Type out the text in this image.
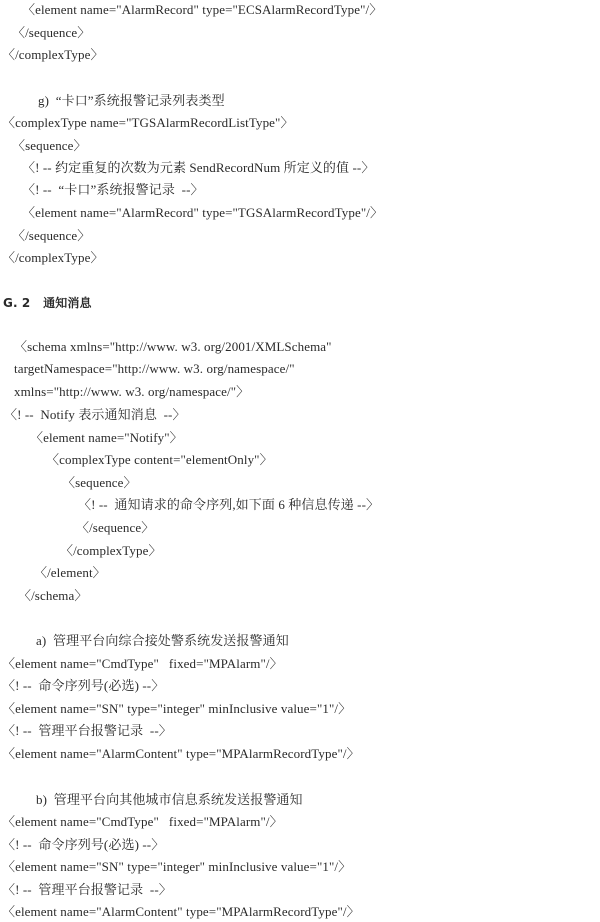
〈element name="AlarmRecord" type="ECSAlarmRecordType"/〉
〈/sequence〉
〈/complexType〉
g)  “卡口”系统报警记录列表类型
〈complexType name="TGSAlarmRecordListType"〉
〈sequence〉
〈! -- 约定重复的次数为元素 SendRecordNum 所定义的值 --〉
〈! --  “卡口”系统报警记录  --〉
〈element name="AlarmRecord" type="TGSAlarmRecordType"/〉
〈/sequence〉
〈/complexType〉
G. 2   通知消息
〈schema xmlns="http://www. w3. org/2001/XMLSchema"
targetNamespace="http://www. w3. org/namespace/"
xmlns="http://www. w3. org/namespace/"〉
〈! --  Notify 表示通知消息  --〉
〈element name="Notify"〉
〈complexType content="elementOnly"〉
〈sequence〉
〈! --  通知请求的命令序列,如下面 6 种信息传递 --〉
〈/sequence〉
〈/complexType〉
〈/element〉
〈/schema〉
a)  管理平台向综合接处警系统发送报警通知
〈element name="CmdType"   fixed="MPAlarm"/〉
〈! --  命令序列号(必选) --〉
〈element name="SN" type="integer" minInclusive value="1"/〉
〈! --  管理平台报警记录  --〉
〈element name="AlarmContent" type="MPAlarmRecordType"/〉
b)  管理平台向其他城市信息系统发送报警通知
〈element name="CmdType"   fixed="MPAlarm"/〉
〈! --  命令序列号(必选) --〉
〈element name="SN" type="integer" minInclusive value="1"/〉
〈! --  管理平台报警记录  --〉
〈element name="AlarmContent" type="MPAlarmRecordType"/〉
